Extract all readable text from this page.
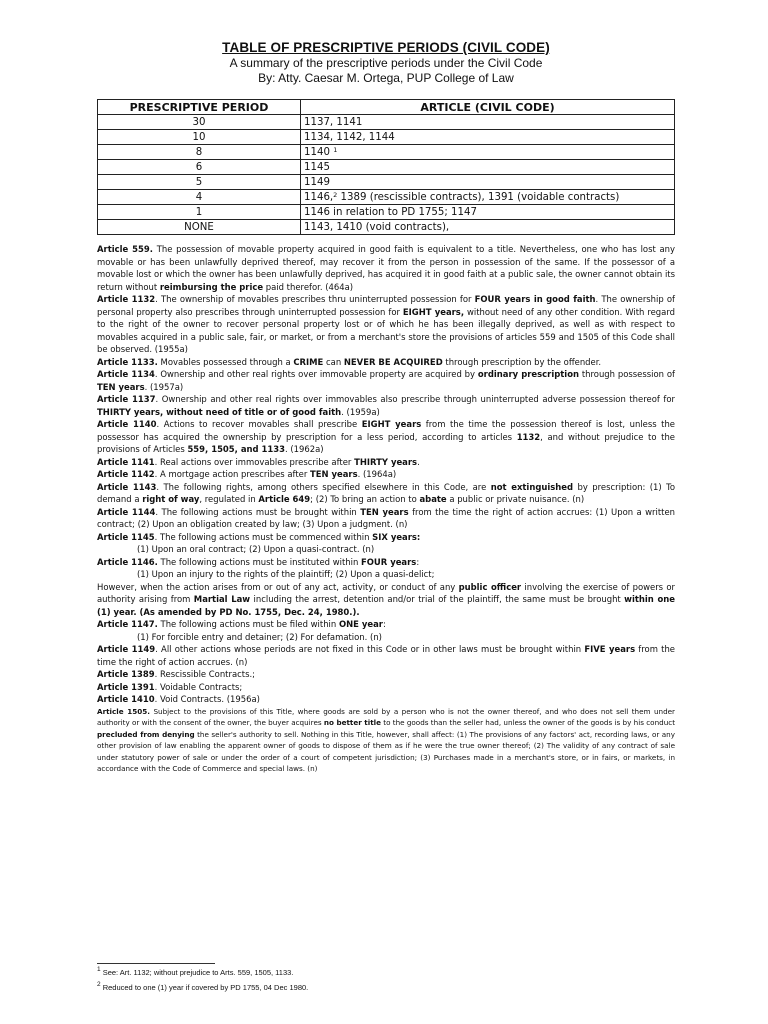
TABLE OF PRESCRIPTIVE PERIODS (CIVIL CODE)
A summary of the prescriptive periods under the Civil Code
By: Atty. Caesar M. Ortega, PUP College of Law
PRESCRIPTIVE PERIOD	ARTICLE (CIVIL CODE)
30	1137, 1141
10	1134, 1142, 1144
8	1140 $^1$
6	1145
5	1149
4	1146,$^2$ 1389 (rescissible contracts), 1391 (voidable contracts)
1	1146 in relation to PD 1755; 1147
NONE	1143, 1410 (void contracts),

Article 559. The possession of movable property acquired in good faith is equivalent to a title. Nevertheless, one who has lost any movable or has been unlawfully deprived thereof, may recover it from the person in possession of the same. If the possessor of a movable lost or which the owner has been unlawfully deprived, has acquired it in good faith at a public sale, the owner cannot obtain its return without reimbursing the price paid therefor. (464a)

Article 1132. The ownership of movables prescribes thru uninterrupted possession for FOUR years in good faith. The ownership of personal property also prescribes through uninterrupted possession for EIGHT years, without need of any other condition. With regard to the right of the owner to recover personal property lost or of which he has been illegally deprived, as well as with respect to movables acquired in a public sale, fair, or market, or from a merchant's store the provisions of articles 559 and 1505 of this Code shall be observed. (1955a)

Article 1133. Movables possessed through a CRIME can NEVER BE ACQUIRED through prescription by the offender.

Article 1134. Ownership and other real rights over immovable property are acquired by ordinary prescription through possession of TEN years. (1957a)

Article 1137. Ownership and other real rights over immovables also prescribe through uninterrupted adverse possession thereof for THIRTY years, without need of title or of good faith. (1959a)

Article 1140. Actions to recover movables shall prescribe EIGHT years from the time the possession thereof is lost, unless the possessor has acquired the ownership by prescription for a less period, according to articles 1132, and without prejudice to the provisions of Articles 559, 1505, and 1133. (1962a)

Article 1141. Real actions over immovables prescribe after THIRTY years.

Article 1142. A mortgage action prescribes after TEN years. (1964a)

Article 1143. The following rights, among others specified elsewhere in this Code, are not extinguished by prescription: (1) To demand a right of way, regulated in Article 649; (2) To bring an action to abate a public or private nuisance. (n)

Article 1144. The following actions must be brought within TEN years from the time the right of action accrues: (1) Upon a written contract; (2) Upon an obligation created by law; (3) Upon a judgment. (n)

Article 1145. The following actions must be commenced within SIX years:

(1) Upon an oral contract; (2) Upon a quasi-contract. (n)

Article 1146. The following actions must be instituted within FOUR years:

(1) Upon an injury to the rights of the plaintiff; (2) Upon a quasi-delict;

However, when the action arises from or out of any act, activity, or conduct of any public officer involving the exercise of powers or authority arising from Martial Law including the arrest, detention and/or trial of the plaintiff, the same must be brought within one (1) year. (As amended by PD No. 1755, Dec. 24, 1980.).

Article 1147. The following actions must be filed within ONE year:

(1) For forcible entry and detainer; (2) For defamation. (n)

Article 1149. All other actions whose periods are not fixed in this Code or in other laws must be brought within FIVE years from the time the right of action accrues. (n)

Article 1389. Rescissible Contracts.;

Article 1391. Voidable Contracts;

Article 1410. Void Contracts. (1956a)

Article 1505. Subject to the provisions of this Title, where goods are sold by a person who is not the owner thereof, and who does not sell them under authority or with the consent of the owner, the buyer acquires no better title to the goods than the seller had, unless the owner of the goods is by his conduct precluded from denying the seller's authority to sell. Nothing in this Title, however, shall affect: (1) The provisions of any factors' act, recording laws, or any other provision of law enabling the apparent owner of goods to dispose of them as if he were the true owner thereof; (2) The validity of any contract of sale under statutory power of sale or under the order of a court of competent jurisdiction; (3) Purchases made in a merchant's store, or in fairs, or markets, in accordance with the Code of Commerce and special laws. (n)

$^1$ See: Art. 1132; without prejudice to Arts. 559, 1505, 1133.
$^2$ Reduced to one (1) year if covered by PD 1755, 04 Dec 1980.
